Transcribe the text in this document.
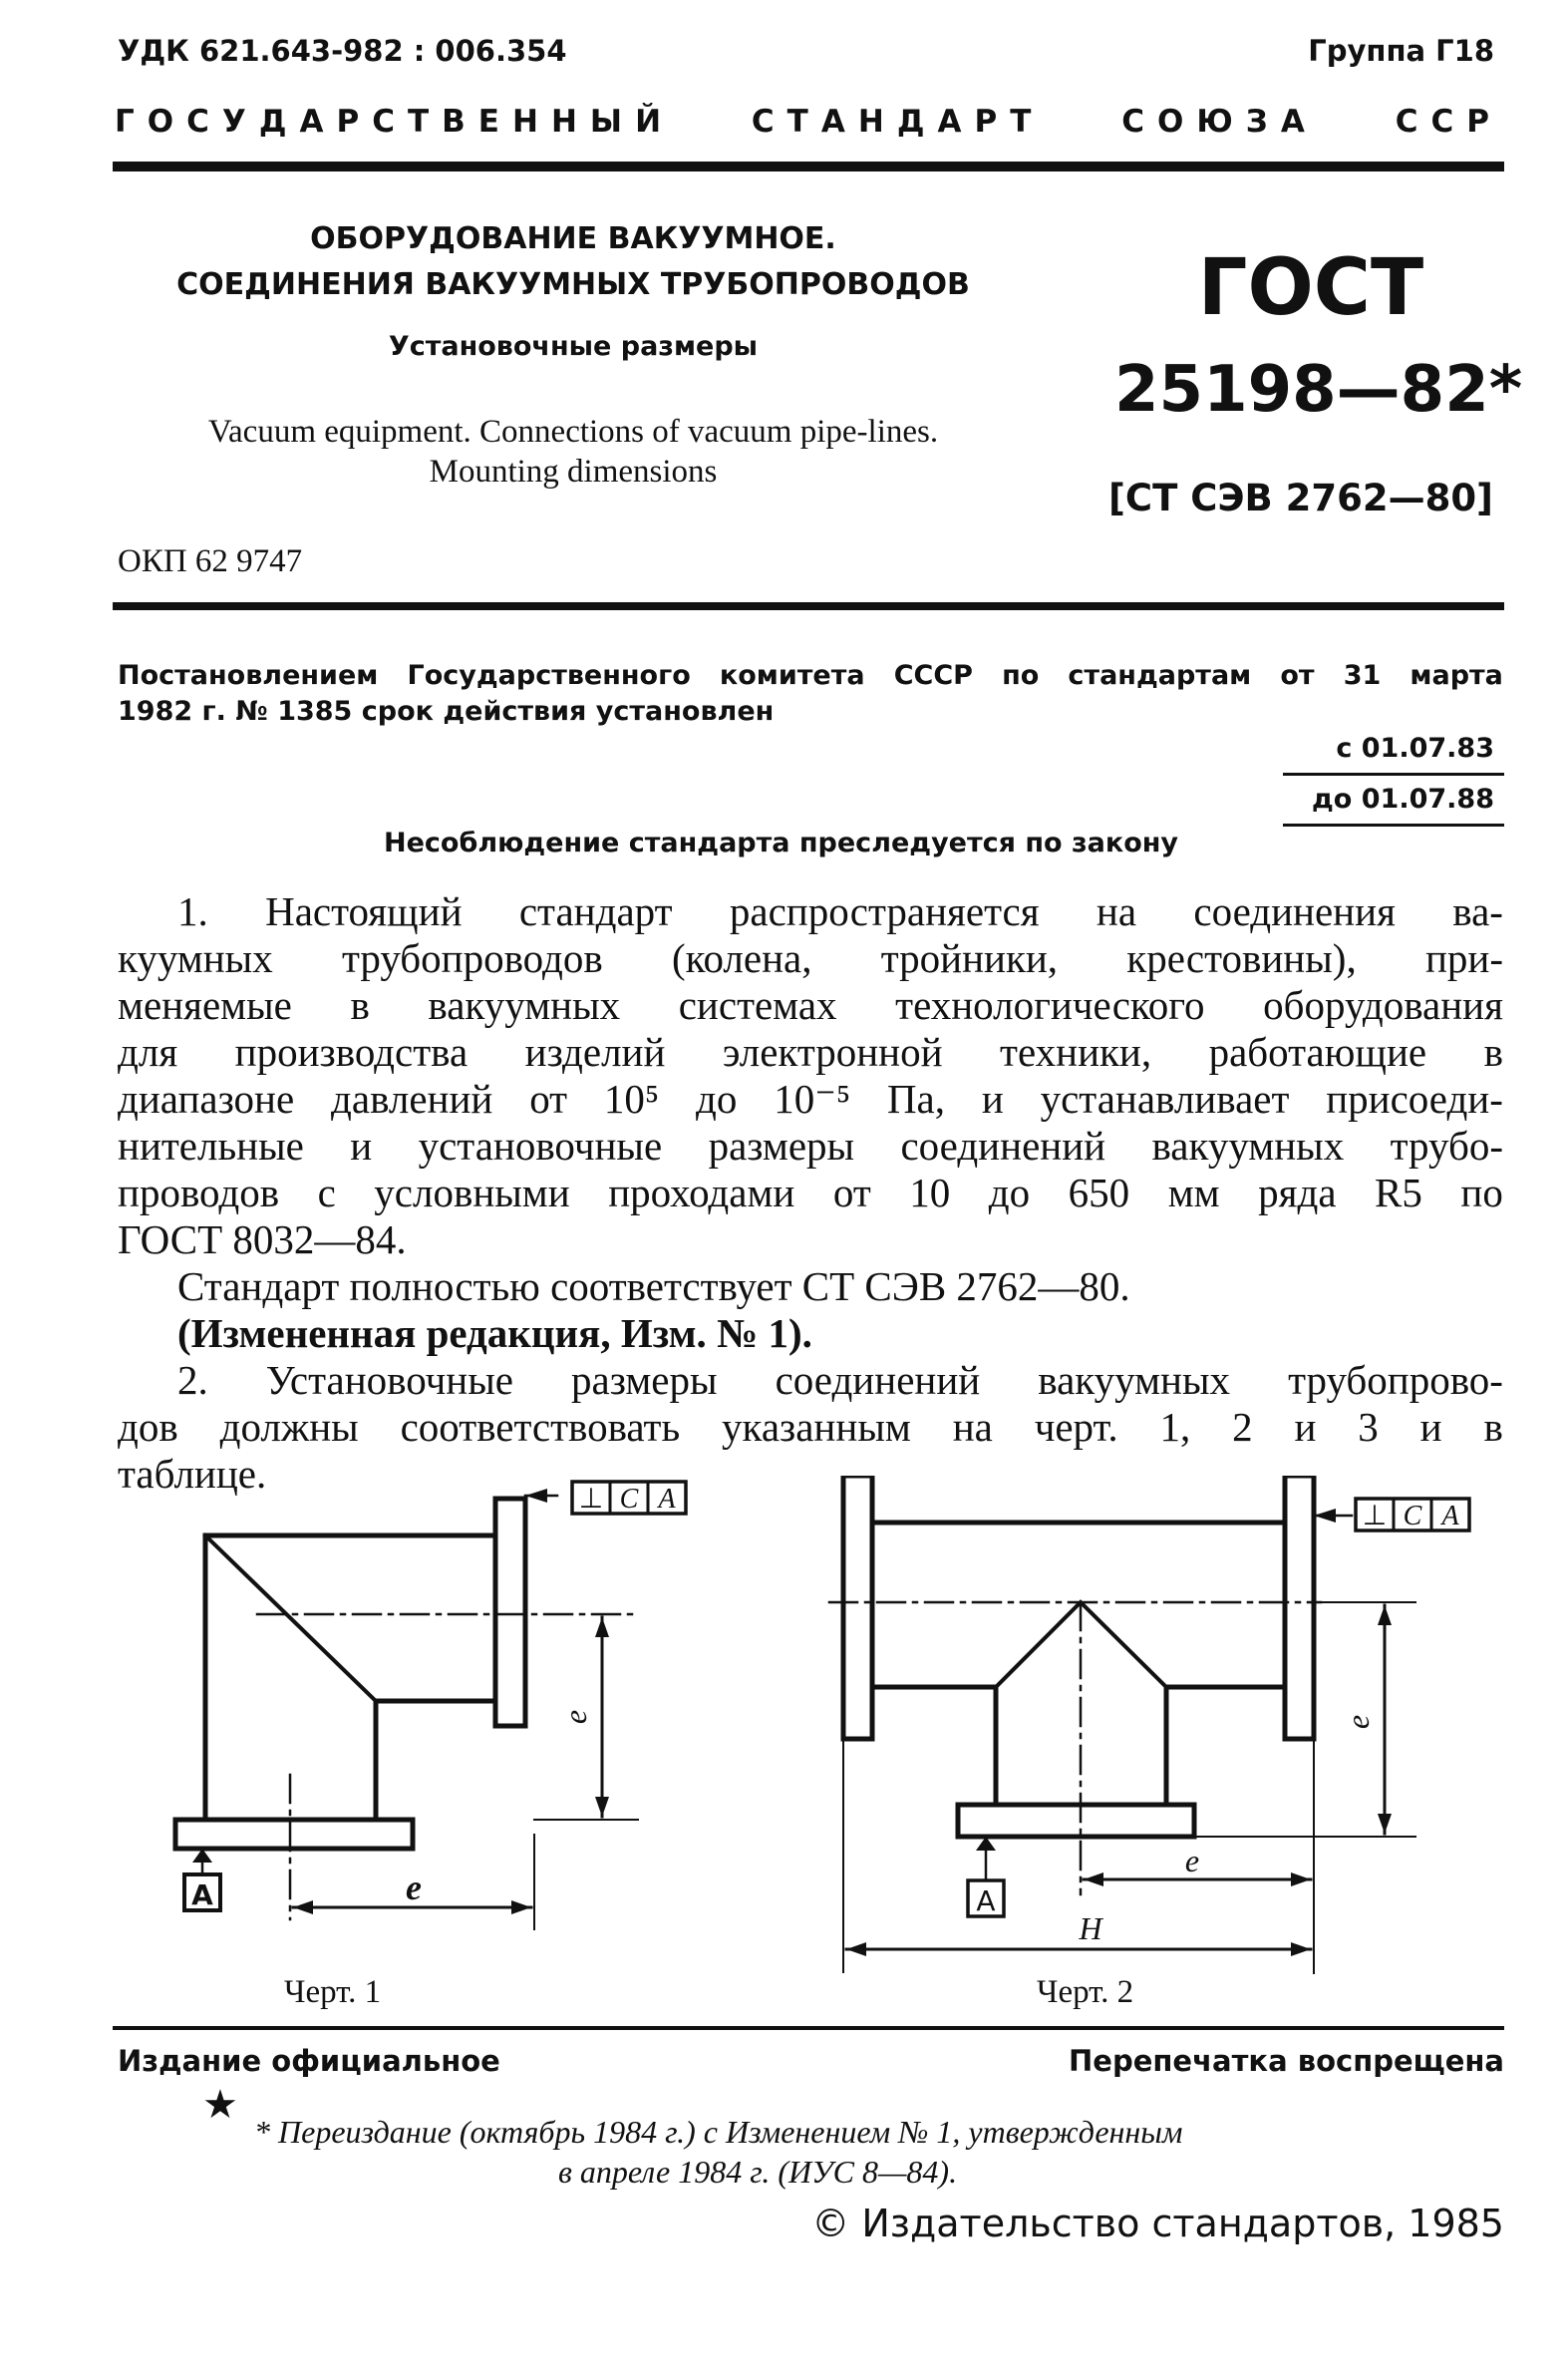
УДК 621.643-982 : 006.354	Группа Г18
ГОСУДАРСТВЕННЫЙ	СТАНДАРТ	СОЮЗА	ССР
ОБОРУДОВАНИЕ ВАКУУМНОЕ.
СОЕДИНЕНИЯ ВАКУУМНЫХ ТРУБОПРОВОДОВ
Установочные размеры
Vacuum equipment. Connections of vacuum pipe-lines.
Mounting dimensions
ОКП 62 9747
ГОСТ
25198—82*
[СТ СЭВ 2762—80]
Постановлением Государственного комитета СССР по стандартам от 31 марта
1982 г. № 1385 срок действия установлен
с 01.07.83
до 01.07.88
Несоблюдение стандарта преследуется по закону
1. Настоящий стандарт распространяется на соединения ва-
куумных трубопроводов (колена, тройники, крестовины), при-
меняемые в вакуумных системах технологического оборудования
для производства изделий электронной техники, работающие в
диапазоне давлений от 10⁵ до 10⁻⁵ Па, и устанавливает присоеди-
нительные и установочные размеры соединений вакуумных трубо-
проводов с условными проходами от 10 до 650 мм ряда R5 по
ГОСТ 8032—84.
Стандарт полностью соответствует СТ СЭВ 2762—80.
(Измененная редакция, Изм. № 1).
2. Установочные размеры соединений вакуумных трубопрово-
дов должны соответствовать указанным на черт. 1, 2 и 3 и в
таблице.
⊥ C A
A
e
e
⊥ C A
A
e
e
H
Черт. 1	Черт. 2
Издание официальное	Перепечатка воспрещена
★
* Переиздание (октябрь 1984 г.) с Изменением № 1, утвержденным
в апреле 1984 г. (ИУС 8—84).
© Издательство стандартов, 1985
